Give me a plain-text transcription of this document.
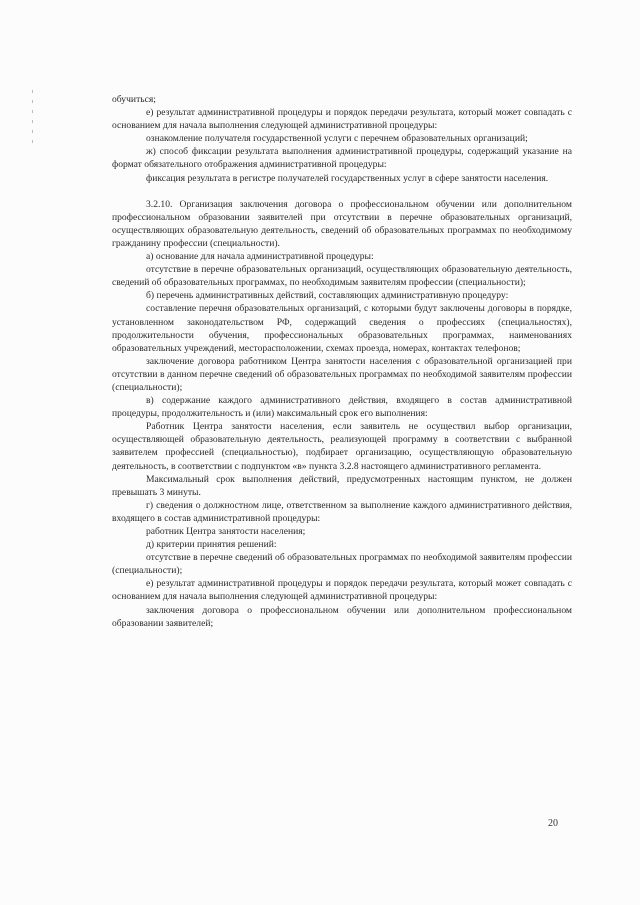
обучиться;

е) результат административной процедуры и порядок передачи результата, который может совпадать с основанием для начала выполнения следующей административной процедуры:

ознакомление получателя государственной услуги с перечнем образовательных организаций;

ж) способ фиксации результата выполнения административной процедуры, содержащий указание на формат обязательного отображения административной процедуры:

фиксация результата в регистре получателей государственных услуг в сфере занятости населения.

3.2.10. Организация заключения договора о профессиональном обучении или дополнительном профессиональном образовании заявителей при отсутствии в перечне образовательных организаций, осуществляющих образовательную деятельность, сведений об образовательных программах по необходимому гражданину профессии (специальности).

а) основание для начала административной процедуры:

отсутствие в перечне образовательных организаций, осуществляющих образовательную деятельность, сведений об образовательных программах, по необходимым заявителям профессии (специальности);

б) перечень административных действий, составляющих административную процедуру:

составление перечня образовательных организаций, с которыми будут заключены договоры в порядке, установленном законодательством РФ, содержащий сведения о профессиях (специальностях), продолжительности обучения, профессиональных образовательных программах, наименованиях образовательных учреждений, месторасположении, схемах проезда, номерах, контактах телефонов;

заключение договора работником Центра занятости населения с образовательной организацией при отсутствии в данном перечне сведений об образовательных программах по необходимой заявителям профессии (специальности);

в) содержание каждого административного действия, входящего в состав административной процедуры, продолжительность и (или) максимальный срок его выполнения:

Работник Центра занятости населения, если заявитель не осуществил выбор организации, осуществляющей образовательную деятельность, реализующей программу в соответствии с выбранной заявителем профессией (специальностью), подбирает организацию, осуществляющую образовательную деятельность, в соответствии с подпунктом «в» пункта 3.2.8 настоящего административного регламента.

Максимальный срок выполнения действий, предусмотренных настоящим пунктом, не должен превышать 3 минуты.

г) сведения о должностном лице, ответственном за выполнение каждого административного действия, входящего в состав административной процедуры:

работник Центра занятости населения;

д) критерии принятия решений:

отсутствие в перечне сведений об образовательных программах по необходимой заявителям профессии (специальности);

е) результат административной процедуры и порядок передачи результата, который может совпадать с основанием для начала выполнения следующей административной процедуры:

заключения договора о профессиональном обучении или дополнительном профессиональном образовании заявителей;

20
